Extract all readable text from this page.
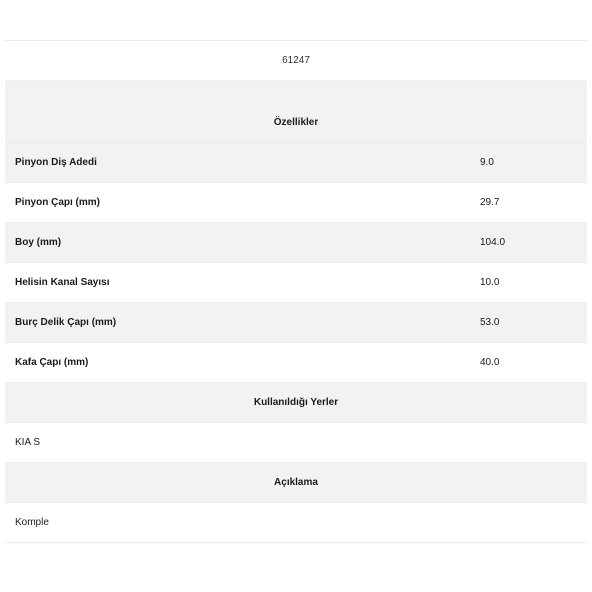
61247
Özellikler
Pinyon Diş Adedi	9.0
Pinyon Çapı (mm)	29.7
Boy (mm)	104.0
Helisin Kanal Sayısı	10.0
Burç Delik Çapı (mm)	53.0
Kafa Çapı (mm)	40.0
Kullanıldığı Yerler
KIA S
Açıklama
Komple
